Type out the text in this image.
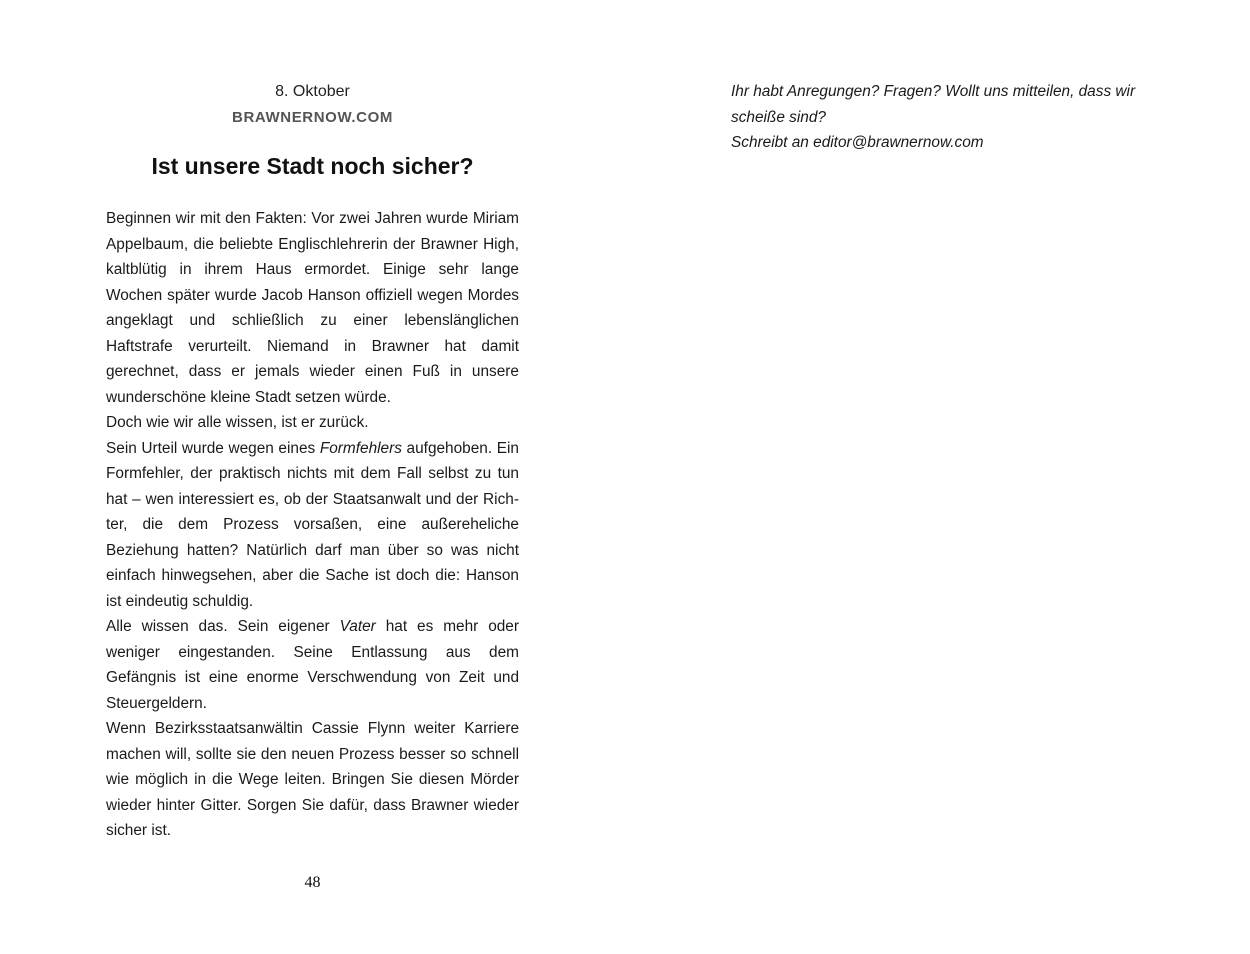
8. Oktober
BRAWNERNOW.COM
Ist unsere Stadt noch sicher?

Beginnen wir mit den Fakten: Vor zwei Jahren wurde Miriam Appelbaum, die beliebte Englischlehrerin der Brawner High, kaltblütig in ihrem Haus ermordet. Einige sehr lange Wochen später wurde Jacob Hanson offiziell wegen Mordes angeklagt und schließlich zu einer lebenslänglichen Haftstrafe verurteilt. Niemand in Brawner hat damit gerechnet, dass er jemals wieder einen Fuß in unsere wunderschöne kleine Stadt setzen würde.

Doch wie wir alle wissen, ist er zurück.

Sein Urteil wurde wegen eines Formfehlers aufgehoben. Ein Formfehler, der praktisch nichts mit dem Fall selbst zu tun hat – wen interessiert es, ob der Staatsanwalt und der Richter, die dem Prozess vorsaßen, eine außereheliche Beziehung hatten? Natürlich darf man über so was nicht einfach hinwegsehen, aber die Sache ist doch die: Hanson ist eindeutig schuldig.

Alle wissen das. Sein eigener Vater hat es mehr oder weniger eingestanden. Seine Entlassung aus dem Gefängnis ist eine enorme Verschwendung von Zeit und Steuergeldern.

Wenn Bezirksstaatsanwältin Cassie Flynn weiter Karriere machen will, sollte sie den neuen Prozess besser so schnell wie möglich in die Wege leiten. Bringen Sie diesen Mörder wieder hinter Gitter. Sorgen Sie dafür, dass Brawner wieder sicher ist.

48
Ihr habt Anregungen? Fragen? Wollt uns mitteilen, dass wir
scheiße sind?
Schreibt an editor@brawnernow.com
